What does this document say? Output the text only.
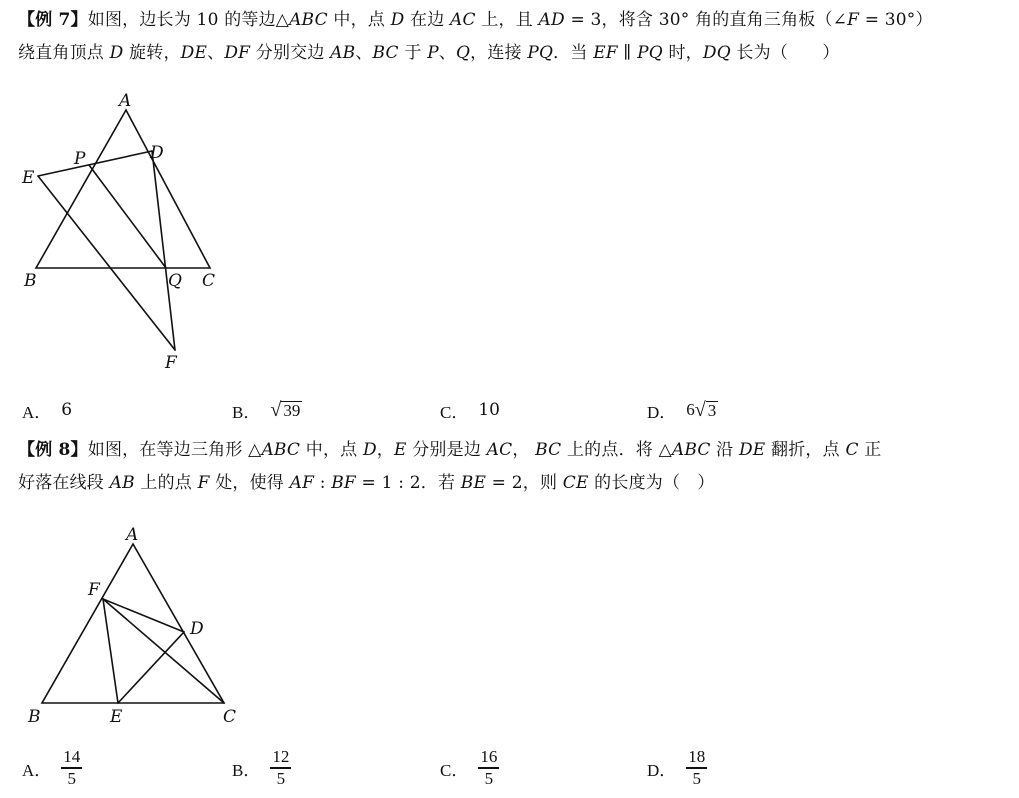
【例 7】如图，边长为 10 的等边△ABC 中，点 D 在边 AC 上，且 AD = 3，将含 30° 角的直角三角板（∠F = 30°）
绕直角顶点 D 旋转，DE、DF 分别交边 AB、BC 于 P、Q，连接 PQ．当 EF ∥ PQ 时，DQ 长为（　　）
A
B	C
D
E
F
P
Q
A． 6	B． √ 39	C． 10	D． 6 √ 3
【例 8】如图，在等边三角形 △ABC 中，点 D，E 分别是边 AC， BC 上的点．将 △ABC 沿 DE 翻折，点 C 正
好落在线段 AB 上的点 F 处，使得 AF : BF = 1 : 2．若 BE = 2，则 CE 的长度为（　）
A
B	C
D
E
F
A． $\frac{14}{5}$	B． $\frac{12}{5}$	C． $\frac{16}{5}$	D． $\frac{18}{5}$
